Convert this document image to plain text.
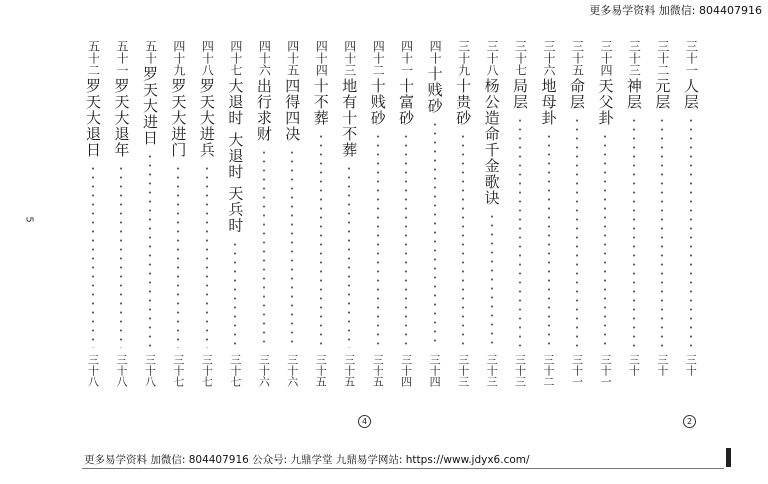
更多易学资料 加微信: 804407916
5
三十一
人层
三十
三十二
元层
三十
三十三
神层
三十
三十四
天父卦
三十一
三十五
命层
三十一
三十六
地母卦
三十二
三十七
局层
三十三
三十八
杨公造命千金歌诀
三十三
三十九
十贵砂
三十三
四十
十贱砂
三十四
四十一
十富砂
三十四
四十二
十贱砂
三十五
四十三
地有十不葬
三十五
四十四
十不葬
三十五
四十五
四得四决
三十六
四十六
出行求财
三十六
四十七
大退时 大退时 天兵时
三十七
四十八
罗天大进兵
三十七
四十九
罗天大进门
三十七
五十
罗天大进日
三十八
五十一
罗天大退年
三十八
五十二
罗天大退日
三十八
2
4
更多易学资料 加微信: 804407916 公众号: 九鼎学堂 九鼎易学网站: https://www.jdyx6.com/
